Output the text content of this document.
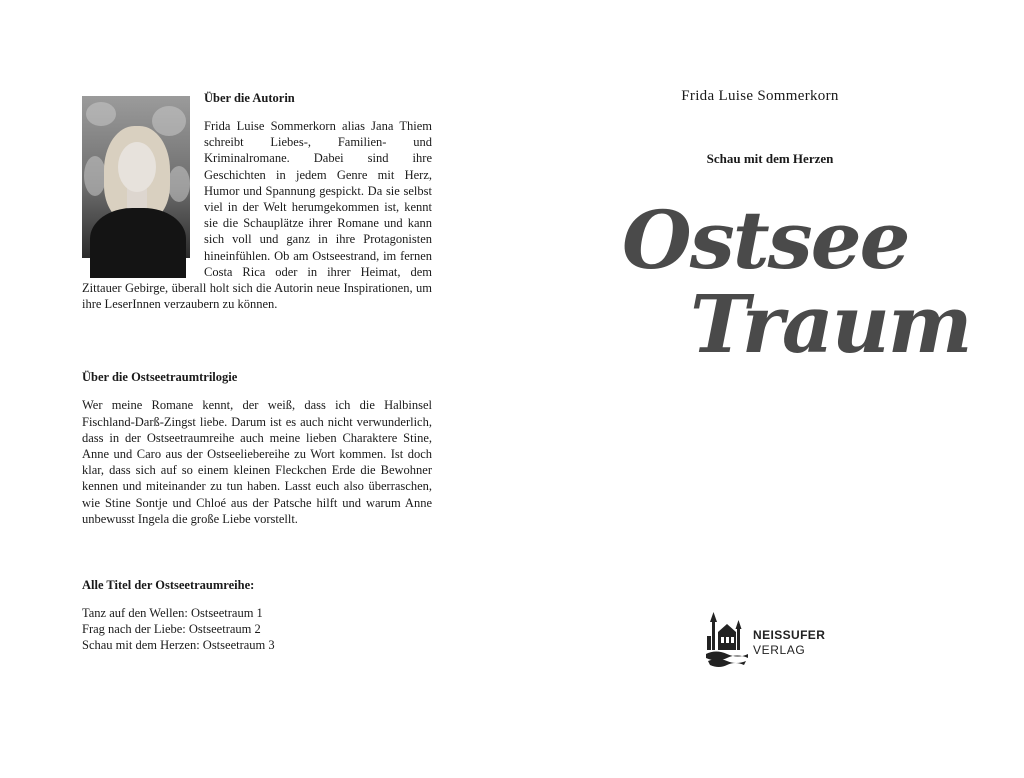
Über die Autorin

Frida Luise Sommerkorn alias Jana Thiem schreibt Liebes-, Familien- und Kriminalromane. Dabei sind ihre Geschichten in jedem Genre mit Herz, Humor und Spannung gespickt. Da sie selbst viel in der Welt herumgekommen ist, kennt sie die Schauplätze ihrer Romane und kann sich voll und ganz in ihre Protagonisten hineinfühlen. Ob am Ostseestrand, im fernen Costa Rica oder in ihrer Heimat, dem Zittauer Gebirge, überall holt sich die Autorin neue Inspirationen, um ihre LeserInnen verzaubern zu können.

Über die Ostseetraumtrilogie

Wer meine Romane kennt, der weiß, dass ich die Halbinsel Fischland-Darß-Zingst liebe. Darum ist es auch nicht verwunderlich, dass in der Ostseetraumreihe auch meine lieben Charaktere Stine, Anne und Caro aus der Ostseeliebereihe zu Wort kommen. Ist doch klar, dass sich auf so einem kleinen Fleckchen Erde die Bewohner kennen und miteinander zu tun haben. Lasst euch also überraschen, wie Stine Sontje und Chloé aus der Patsche hilft und warum Anne unbewusst Ingela die große Liebe vorstellt.

Alle Titel der Ostseetraumreihe:

Tanz auf den Wellen: Ostseetraum 1

Frag nach der Liebe: Ostseetraum 2

Schau mit dem Herzen: Ostseetraum 3

Frida Luise Sommerkorn
Schau mit dem Herzen
Ostsee
Traum
NEISSUFER
VERLAG
